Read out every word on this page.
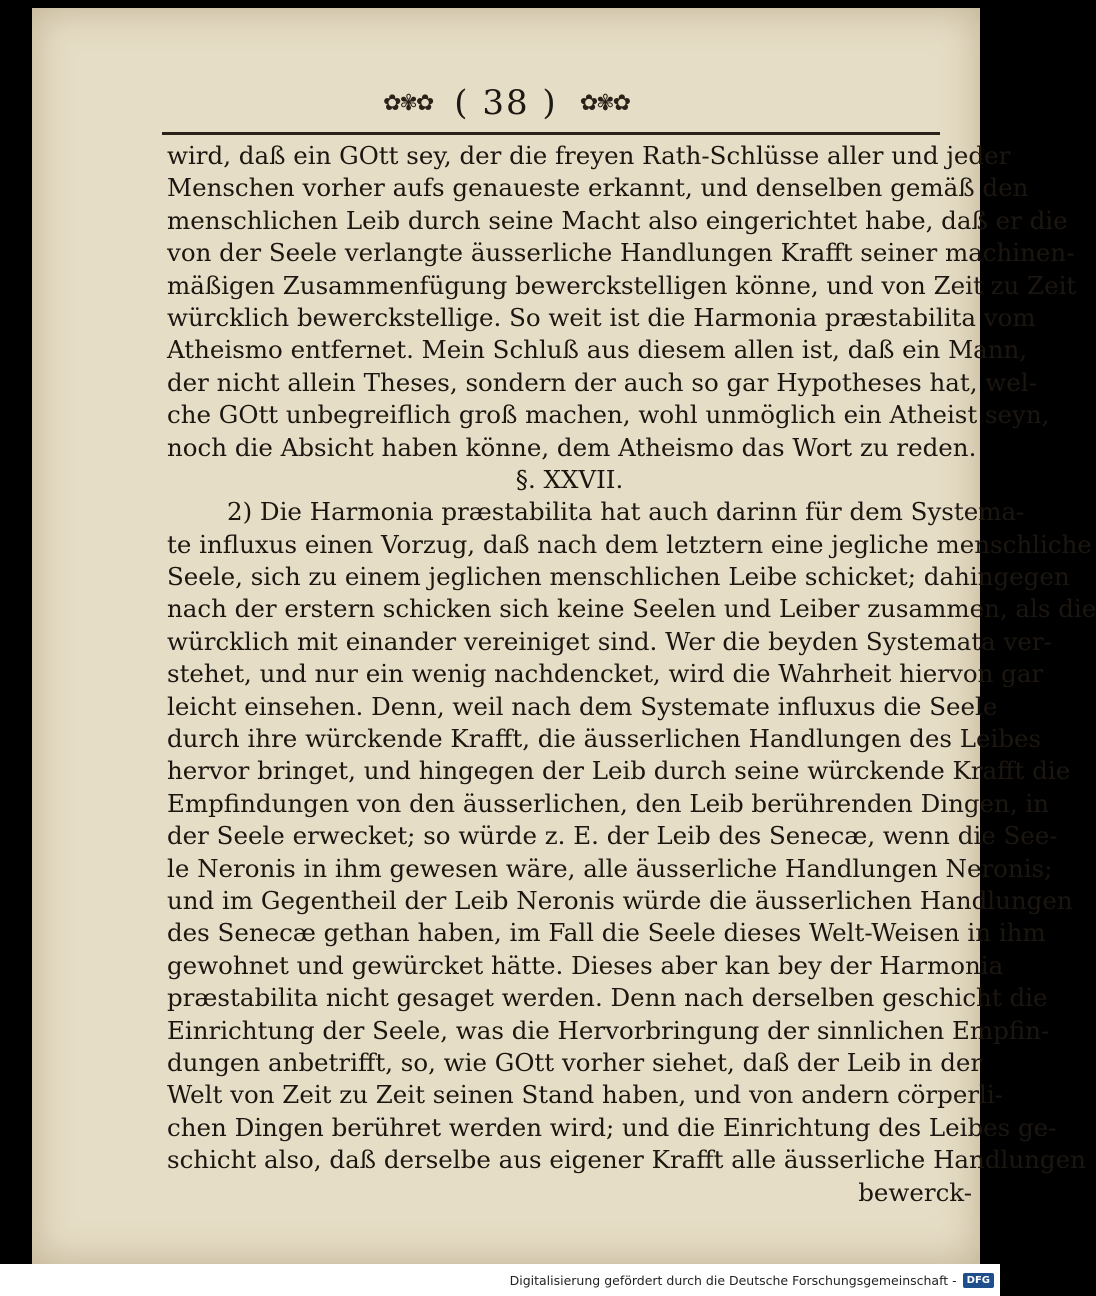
✿✾✿ ( 38 ) ✿✾✿
wird, daß ein GOtt sey, der die freyen Rath-Schlüsse aller und jeder
Menschen vorher aufs genaueste erkannt, und denselben gemäß den
menschlichen Leib durch seine Macht also eingerichtet habe, daß er die
von der Seele verlangte äusserliche Handlungen Krafft seiner machinen-
mäßigen Zusammenfügung bewerckstelligen könne, und von Zeit zu Zeit
würcklich bewerckstellige. So weit ist die Harmonia præstabilita vom
Atheismo entfernet. Mein Schluß aus diesem allen ist, daß ein Mann,
der nicht allein Theses, sondern der auch so gar Hypotheses hat, wel-
che GOtt unbegreiflich groß machen, wohl unmöglich ein Atheist seyn,
noch die Absicht haben könne, dem Atheismo das Wort zu reden.
§. XXVII.
2) Die Harmonia præstabilita hat auch darinn für dem Systema-
te influxus einen Vorzug, daß nach dem letztern eine jegliche menschliche
Seele, sich zu einem jeglichen menschlichen Leibe schicket; dahingegen
nach der erstern schicken sich keine Seelen und Leiber zusammen, als die
würcklich mit einander vereiniget sind. Wer die beyden Systemata ver-
stehet, und nur ein wenig nachdencket, wird die Wahrheit hiervon gar
leicht einsehen. Denn, weil nach dem Systemate influxus die Seele
durch ihre würckende Krafft, die äusserlichen Handlungen des Leibes
hervor bringet, und hingegen der Leib durch seine würckende Krafft die
Empfindungen von den äusserlichen, den Leib berührenden Dingen, in
der Seele erwecket; so würde z. E. der Leib des Senecæ, wenn die See-
le Neronis in ihm gewesen wäre, alle äusserliche Handlungen Neronis;
und im Gegentheil der Leib Neronis würde die äusserlichen Handlungen
des Senecæ gethan haben, im Fall die Seele dieses Welt-Weisen in ihm
gewohnet und gewürcket hätte. Dieses aber kan bey der Harmonia
præstabilita nicht gesaget werden. Denn nach derselben geschicht die
Einrichtung der Seele, was die Hervorbringung der sinnlichen Empfin-
dungen anbetrifft, so, wie GOtt vorher siehet, daß der Leib in der
Welt von Zeit zu Zeit seinen Stand haben, und von andern cörperli-
chen Dingen berühret werden wird; und die Einrichtung des Leibes ge-
schicht also, daß derselbe aus eigener Krafft alle äusserliche Handlungen
bewerck-
Digitalisierung gefördert durch die Deutsche Forschungsgemeinschaft -	DFG
